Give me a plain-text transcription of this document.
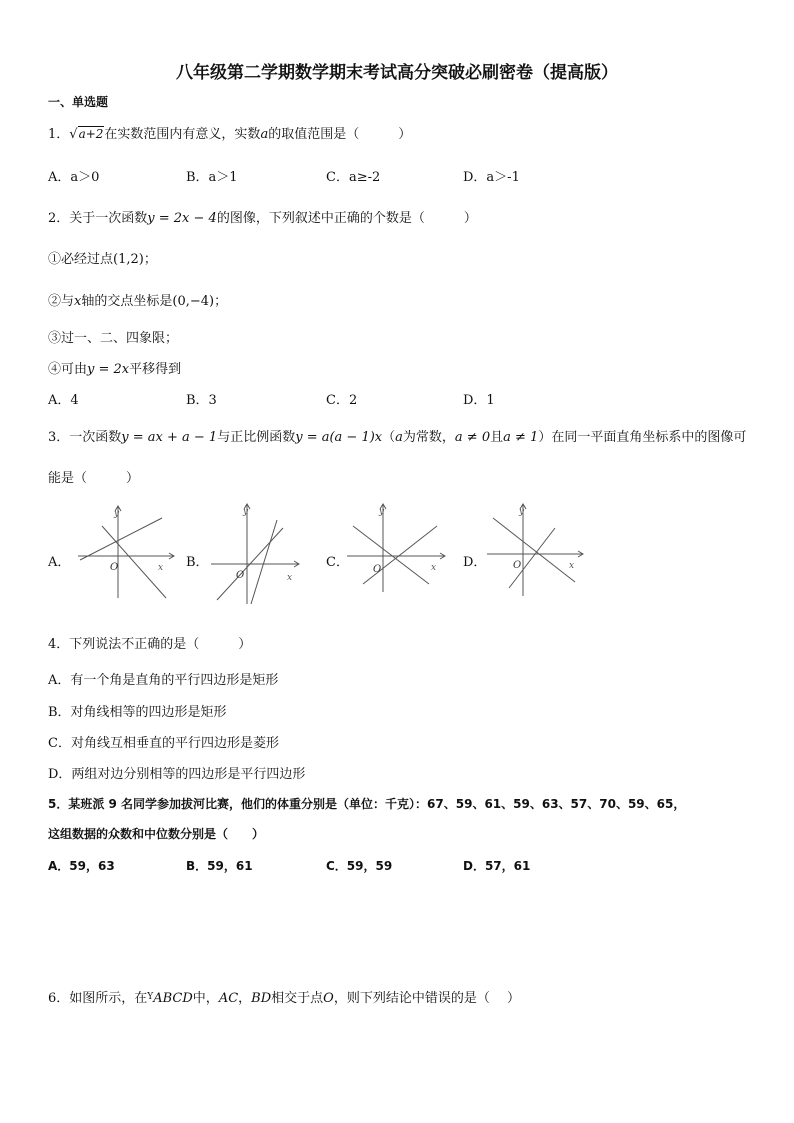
八年级第二学期数学期末考试高分突破必刷密卷（提高版）
一、单选题
1．√a+2在实数范围内有意义，实数a的取值范围是（　　　）
A．a＞0	B．a＞1	C．a≥-2	D．a＞-1
2．关于一次函数y = 2x − 4的图像，下列叙述中正确的个数是（　　　）
①必经过点(1,2)；
②与x轴的交点坐标是(0,−4)；
③过一、二、四象限；
④可由y = 2x平移得到
A．4	B．3	C．2	D．1
3．一次函数y = ax + a − 1与正比例函数y = a(a − 1)x（a为常数，a ≠ 0且a ≠ 1）在同一平面直角坐标系中的图像可
能是（　　　）
A．	B．	C．	D．
y
x
O
y
x
O
y
x
O
y
x
O
4．下列说法不正确的是（　　　）
A．有一个角是直角的平行四边形是矩形
B．对角线相等的四边形是矩形
C．对角线互相垂直的平行四边形是菱形
D．两组对边分别相等的四边形是平行四边形
5．某班派 9 名同学参加拔河比赛，他们的体重分别是（单位：千克）：67、59、61、59、63、57、70、59、65，
这组数据的众数和中位数分别是（　　）
A．59，63	B．59，61	C．59，59	D．57，61
6．如图所示，在$^Y$ABCD中，AC，BD相交于点O，则下列结论中错误的是（　 ）
